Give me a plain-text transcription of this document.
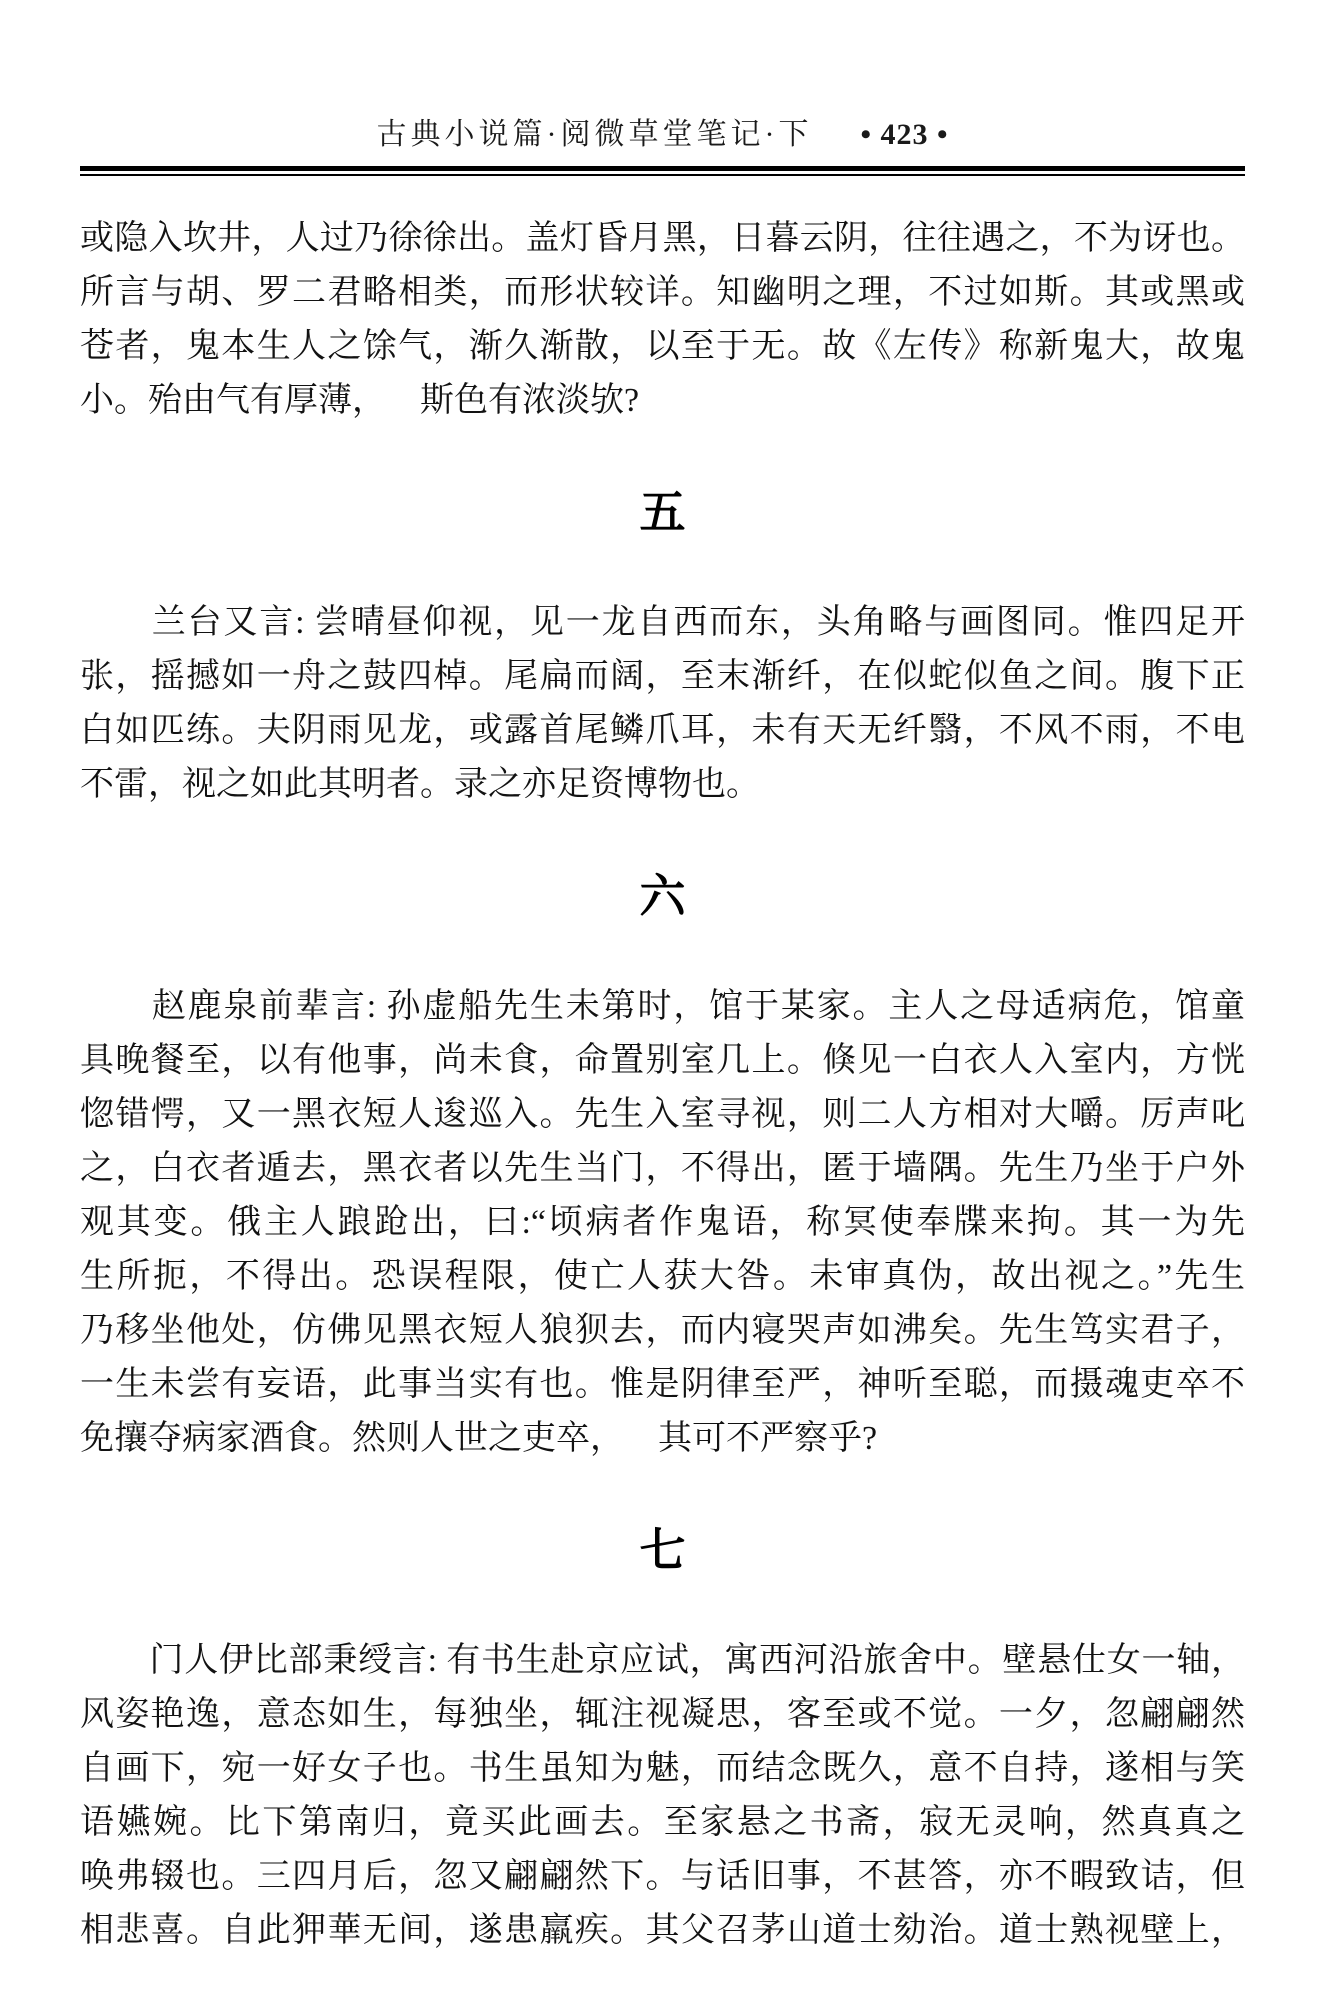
古典小说篇·阅微草堂笔记·下 • 423 •
或隐入坎井，人过乃徐徐出。盖灯昏月黑，日暮云阴，往往遇之，不为讶也。
所言与胡、罗二君略相类，而形状较详。知幽明之理，不过如斯。其或黑或
苍者，鬼本生人之馀气，渐久渐散，以至于无。故《左传》称新鬼大，故鬼
小。殆由气有厚薄， 斯色有浓淡欤?
五
　　兰台又言: 尝晴昼仰视，见一龙自西而东，头角略与画图同。惟四足开
张，摇撼如一舟之鼓四棹。尾扁而阔，至末渐纤，在似蛇似鱼之间。腹下正
白如匹练。夫阴雨见龙，或露首尾鳞爪耳，未有天无纤翳，不风不雨，不电
不雷，视之如此其明者。录之亦足资博物也。
六
　　赵鹿泉前辈言: 孙虚船先生未第时，馆于某家。主人之母适病危，馆童
具晚餐至，以有他事，尚未食，命置别室几上。倏见一白衣人入室内，方恍
惚错愕，又一黑衣短人逡巡入。先生入室寻视，则二人方相对大嚼。厉声叱
之，白衣者遁去，黑衣者以先生当门，不得出，匿于墙隅。先生乃坐于户外
观其变。俄主人踉跄出，曰:“顷病者作鬼语，称冥使奉牒来拘。其一为先
生所扼，不得出。恐误程限，使亡人获大咎。未审真伪，故出视之。”先生
乃移坐他处，仿佛见黑衣短人狼狈去，而内寝哭声如沸矣。先生笃实君子，
一生未尝有妄语，此事当实有也。惟是阴律至严，神听至聪，而摄魂吏卒不
免攘夺病家酒食。然则人世之吏卒， 其可不严察乎?
七
　　门人伊比部秉绶言: 有书生赴京应试，寓西河沿旅舍中。壁悬仕女一轴，
风姿艳逸，意态如生，每独坐，辄注视凝思，客至或不觉。一夕，忽翩翩然
自画下，宛一好女子也。书生虽知为魅，而结念既久，意不自持，遂相与笑
语嬿婉。比下第南归，竟买此画去。至家悬之书斋，寂无灵响，然真真之
唤弗辍也。三四月后，忽又翩翩然下。与话旧事，不甚答，亦不暇致诘，但
相悲喜。自此狎華无间，遂患羸疾。其父召茅山道士劾治。道士熟视壁上，
